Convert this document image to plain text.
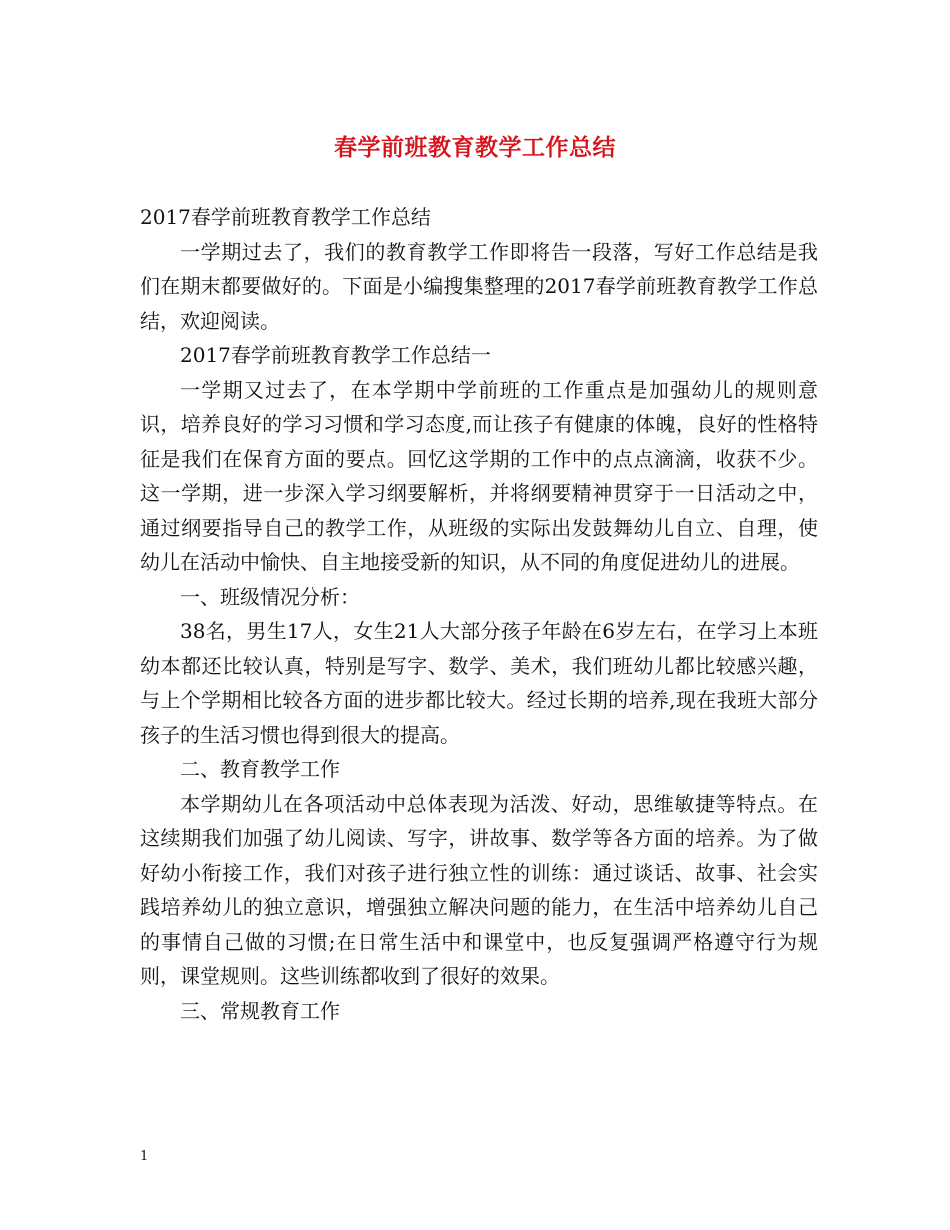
春学前班教育教学工作总结

2017春学前班教育教学工作总结

一学期过去了，我们的教育教学工作即将告一段落，写好工作总结是我们在期末都要做好的。下面是小编搜集整理的2017春学前班教育教学工作总结，欢迎阅读。

2017春学前班教育教学工作总结一

一学期又过去了，在本学期中学前班的工作重点是加强幼儿的规则意识，培养良好的学习习惯和学习态度,而让孩子有健康的体魄，良好的性格特征是我们在保育方面的要点。回忆这学期的工作中的点点滴滴，收获不少。这一学期，进一步深入学习纲要解析，并将纲要精神贯穿于一日活动之中，通过纲要指导自己的教学工作，从班级的实际出发鼓舞幼儿自立、自理，使幼儿在活动中愉快、自主地接受新的知识，从不同的角度促进幼儿的进展。

一、班级情况分析：

38名，男生17人，女生21人大部分孩子年龄在6岁左右，在学习上本班幼本都还比较认真，特别是写字、数学、美术，我们班幼儿都比较感兴趣，与上个学期相比较各方面的进步都比较大。经过长期的培养,现在我班大部分孩子的生活习惯也得到很大的提高。

二、教育教学工作

本学期幼儿在各项活动中总体表现为活泼、好动，思维敏捷等特点。在这续期我们加强了幼儿阅读、写字，讲故事、数学等各方面的培养。为了做好幼小衔接工作，我们对孩子进行独立性的训练：通过谈话、故事、社会实践培养幼儿的独立意识，增强独立解决问题的能力，在生活中培养幼儿自己的事情自己做的习惯;在日常生活中和课堂中，也反复强调严格遵守行为规则，课堂规则。这些训练都收到了很好的效果。

三、常规教育工作

1
